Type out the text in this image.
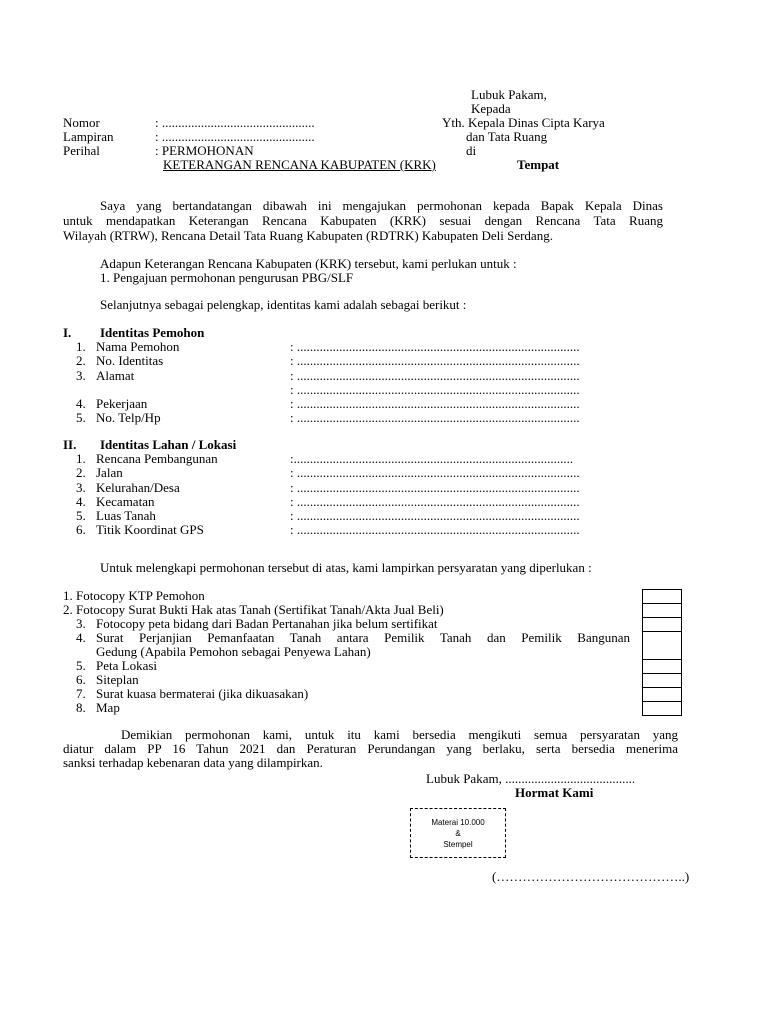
Lubuk Pakam,
Kepada
Yth. Kepala Dinas Cipta Karya
dan Tata Ruang
di
Tempat
Nomor	: ...............................................
Lampiran	: ...............................................
Perihal	: PERMOHONAN
KETERANGAN RENCANA KABUPATEN (KRK)
Saya yang bertandatangan dibawah ini mengajukan permohonan kepada Bapak Kepala Dinas
untuk mendapatkan Keterangan Rencana Kabupaten (KRK) sesuai dengan Rencana Tata Ruang
Wilayah (RTRW), Rencana Detail Tata Ruang Kabupaten (RDTRK) Kabupaten Deli Serdang.
Adapun Keterangan Rencana Kabupaten (KRK) tersebut, kami perlukan untuk :
1. Pengajuan permohonan pengurusan PBG/SLF
Selanjutnya sebagai pelengkap, identitas kami adalah sebagai berikut :
I. Identitas Pemohon
1. Nama Pemohon	: .......................................................................................
2. No. Identitas	: .......................................................................................
3. Alamat	: .......................................................................................
: .......................................................................................
4. Pekerjaan	: .......................................................................................
5. No. Telp/Hp	: .......................................................................................
II. Identitas Lahan / Lokasi
1. Rencana Pembangunan	:......................................................................................
2. Jalan	: .......................................................................................
3. Kelurahan/Desa	: .......................................................................................
4. Kecamatan	: .......................................................................................
5. Luas Tanah	: .......................................................................................
6. Titik Koordinat GPS	: .......................................................................................
Untuk melengkapi permohonan tersebut di atas, kami lampirkan persyaratan yang diperlukan :
1. Fotocopy KTP Pemohon
2. Fotocopy Surat Bukti Hak atas Tanah (Sertifikat Tanah/Akta Jual Beli)
3. Fotocopy peta bidang dari Badan Pertanahan jika belum sertifikat
4. Surat Perjanjian Pemanfaatan Tanah antara Pemilik Tanah dan Pemilik Bangunan
Gedung (Apabila Pemohon sebagai Penyewa Lahan)
5. Peta Lokasi
6. Siteplan
7. Surat kuasa bermaterai (jika dikuasakan)
8. Map
Demikian permohonan kami, untuk itu kami bersedia mengikuti semua persyaratan yang
diatur dalam PP 16 Tahun 2021 dan Peraturan Perundangan yang berlaku, serta bersedia menerima
sanksi terhadap kebenaran data yang dilampirkan.
Lubuk Pakam, ........................................
Hormat Kami
Materai 10.000
&
Stempel
(……………………………………..)
